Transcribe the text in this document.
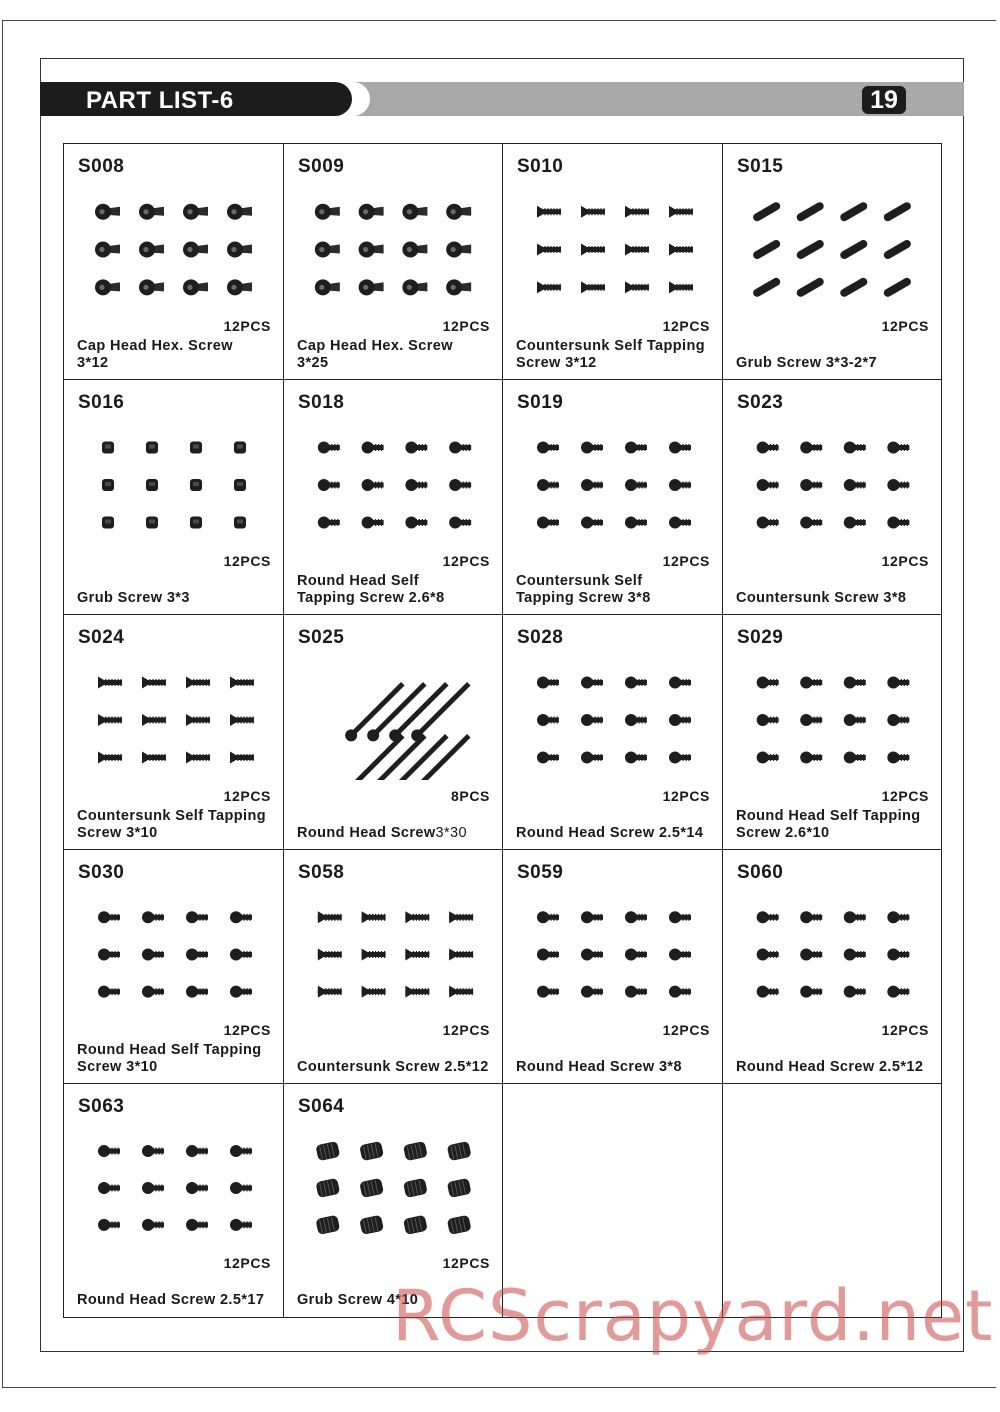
PART LIST-6	19
S008
12PCS
Cap Head Hex. Screw
3*12
S009
12PCS
Cap Head Hex. Screw
3*25
S010
12PCS
Countersunk Self Tapping
Screw 3*12
S015
12PCS
Grub Screw 3*3-2*7
S016
12PCS
Grub Screw 3*3
S018
12PCS
Round Head Self
Tapping Screw 2.6*8
S019
12PCS
Countersunk Self
Tapping Screw 3*8
S023
12PCS
Countersunk Screw 3*8
S024
12PCS
Countersunk Self Tapping
Screw 3*10
S025
8PCS
Round Head Screw3*30
S028
12PCS
Round Head Screw 2.5*14
S029
12PCS
Round Head Self Tapping
Screw 2.6*10
S030
12PCS
Round Head Self Tapping
Screw 3*10
S058
12PCS
Countersunk Screw 2.5*12
S059
12PCS
Round Head Screw 3*8
S060
12PCS
Round Head Screw 2.5*12
S063
12PCS
Round Head Screw 2.5*17
S064
12PCS
Grub Screw 4*10
RCScrapyard.net
